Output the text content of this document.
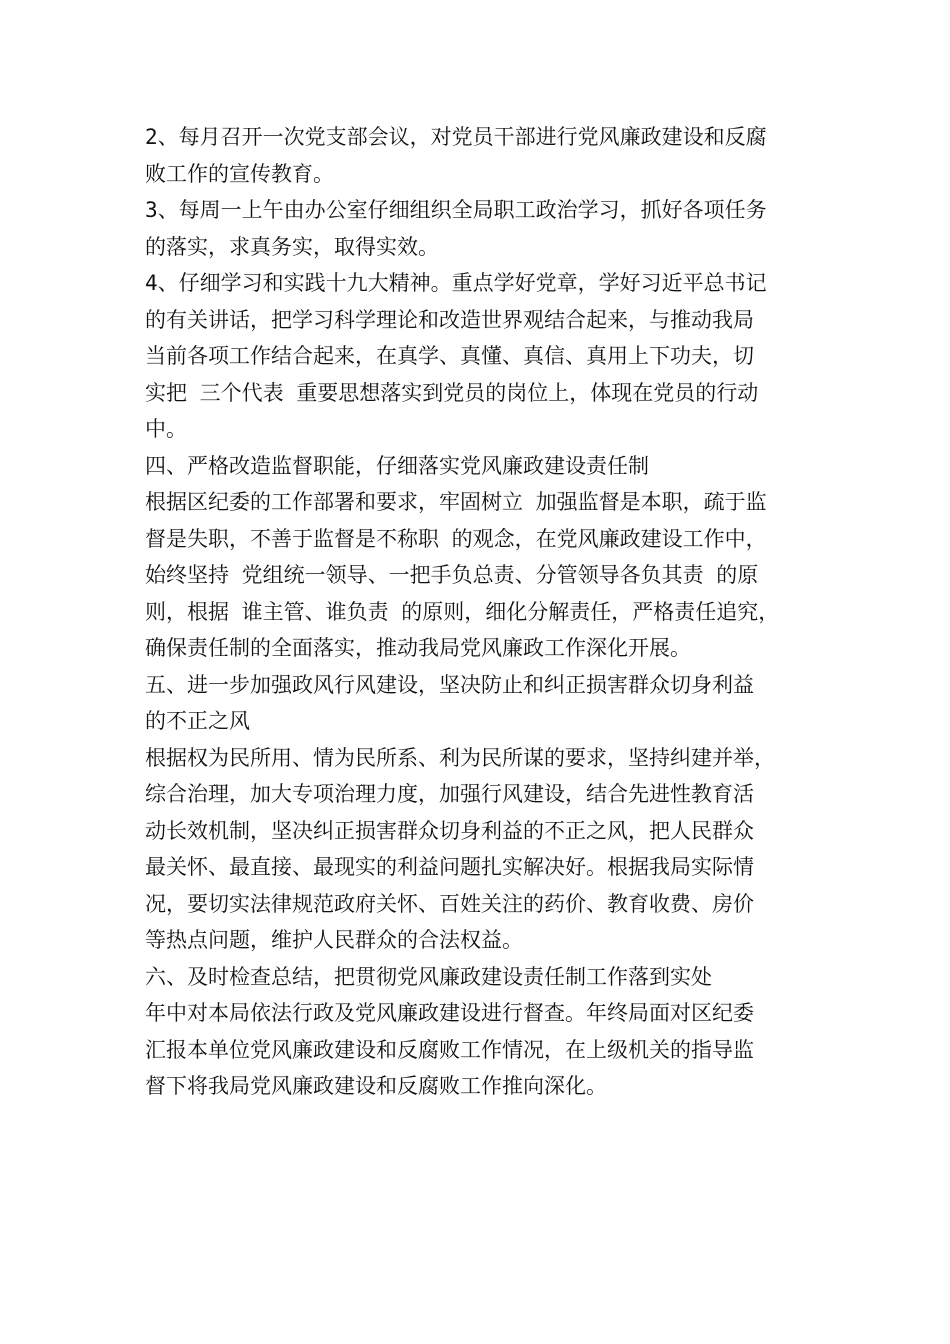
2、每月召开一次党支部会议，对党员干部进行党风廉政建设和反腐
败工作的宣传教育。
3、每周一上午由办公室仔细组织全局职工政治学习，抓好各项任务
的落实，求真务实，取得实效。
4、仔细学习和实践十九大精神。重点学好党章，学好习近平总书记
的有关讲话，把学习科学理论和改造世界观结合起来，与推动我局
当前各项工作结合起来，在真学、真懂、真信、真用上下功夫，切
实把 三个代表 重要思想落实到党员的岗位上，体现在党员的行动
中。
四、严格改造监督职能，仔细落实党风廉政建设责任制
根据区纪委的工作部署和要求，牢固树立 加强监督是本职，疏于监
督是失职，不善于监督是不称职 的观念，在党风廉政建设工作中，
始终坚持 党组统一领导、一把手负总责、分管领导各负其责 的原
则，根据 谁主管、谁负责 的原则，细化分解责任，严格责任追究，
确保责任制的全面落实，推动我局党风廉政工作深化开展。
五、进一步加强政风行风建设，坚决防止和纠正损害群众切身利益
的不正之风
根据权为民所用、情为民所系、利为民所谋的要求，坚持纠建并举，
综合治理，加大专项治理力度，加强行风建设，结合先进性教育活
动长效机制，坚决纠正损害群众切身利益的不正之风，把人民群众
最关怀、最直接、最现实的利益问题扎实解决好。根据我局实际情
况，要切实法律规范政府关怀、百姓关注的药价、教育收费、房价
等热点问题，维护人民群众的合法权益。
六、及时检查总结，把贯彻党风廉政建设责任制工作落到实处
年中对本局依法行政及党风廉政建设进行督查。年终局面对区纪委
汇报本单位党风廉政建设和反腐败工作情况，在上级机关的指导监
督下将我局党风廉政建设和反腐败工作推向深化。
